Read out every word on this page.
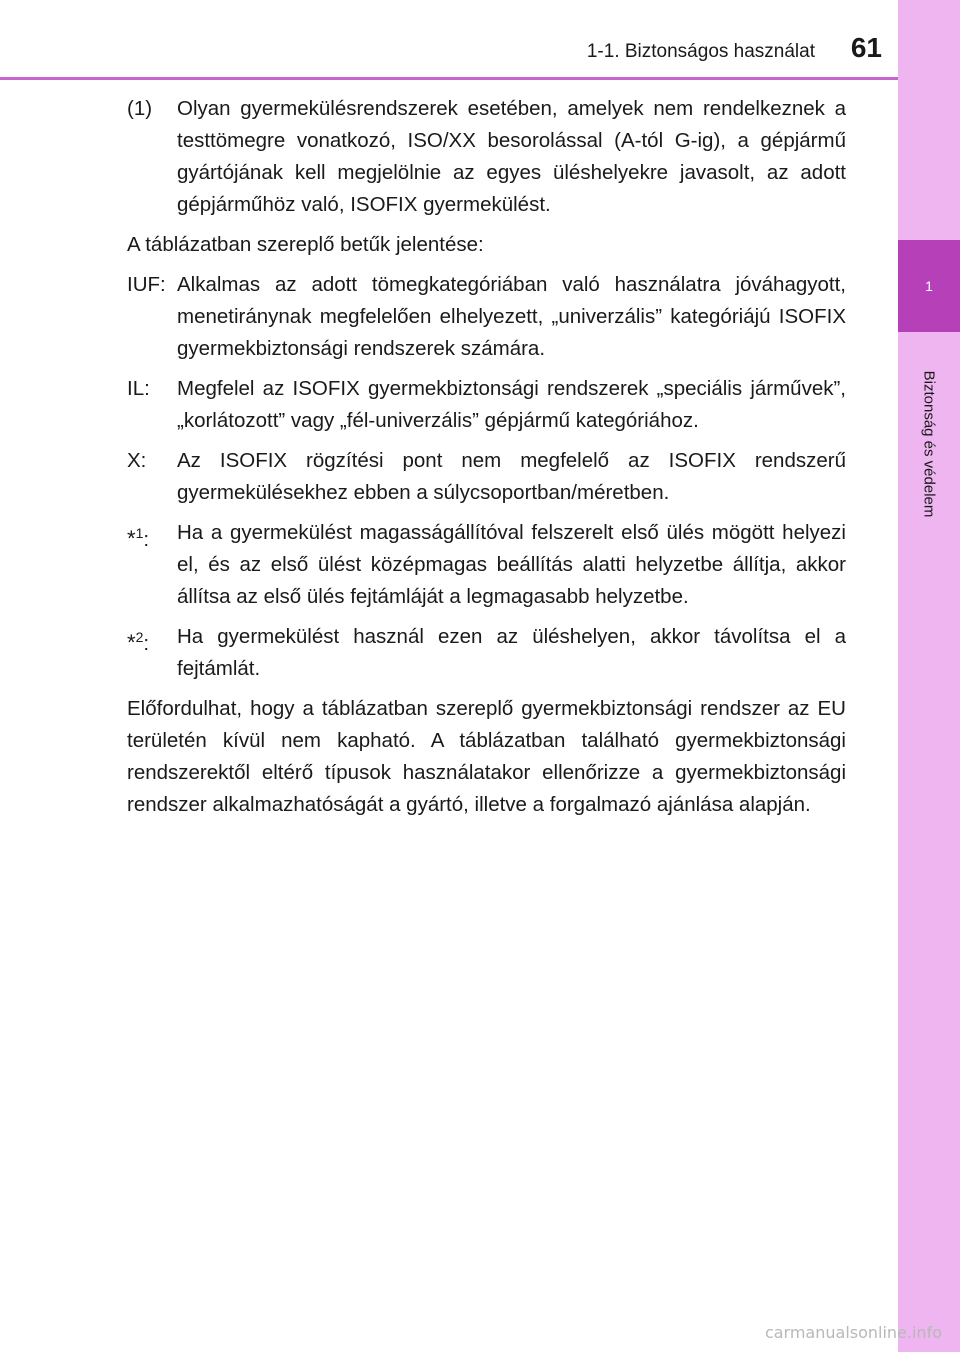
1
Biztonság és védelem
1-1. Biztonságos használat 61
(1)	Olyan gyermekülésrendszerek esetében, amelyek nem rendelkeznek a testtömegre vonatkozó, ISO/XX besorolással (A-tól G-ig), a gépjármű gyártójának kell megjelölnie az egyes üléshelyekre javasolt, az adott gépjárműhöz való, ISOFIX gyermekülést.

A táblázatban szereplő betűk jelentése:

IUF: Alkalmas az adott tömegkategóriában való használatra jóváhagyott, menetiránynak megfelelően elhelyezett, „univerzális” kategóriájú ISOFIX gyermekbiztonsági rendszerek számára.
IL:	Megfelel az ISOFIX gyermekbiztonsági rendszerek „speciális járművek”, „korlátozott” vagy „fél-univerzális” gépjármű kategóriához.
X:	Az ISOFIX rögzítési pont nem megfelelő az ISOFIX rendszerű gyermekülésekhez ebben a súlycsoportban/méretben.
*$^1$:	Ha a gyermekülést magasságállítóval felszerelt első ülés mögött helyezi el, és az első ülést középmagas beállítás alatti helyzetbe állítja, akkor állítsa az első ülés fejtámláját a legmagasabb helyzetbe.
*$^2$:	Ha gyermekülést használ ezen az üléshelyen, akkor távolítsa el a fejtámlát.

Előfordulhat, hogy a táblázatban szereplő gyermekbiztonsági rendszer az EU területén kívül nem kapható. A táblázatban található gyermekbiztonsági rendszerektől eltérő típusok használatakor ellenőrizze a gyermekbiztonsági rendszer alkalmazhatóságát a gyártó, illetve a forgalmazó ajánlása alapján.

carmanualsonline.info
